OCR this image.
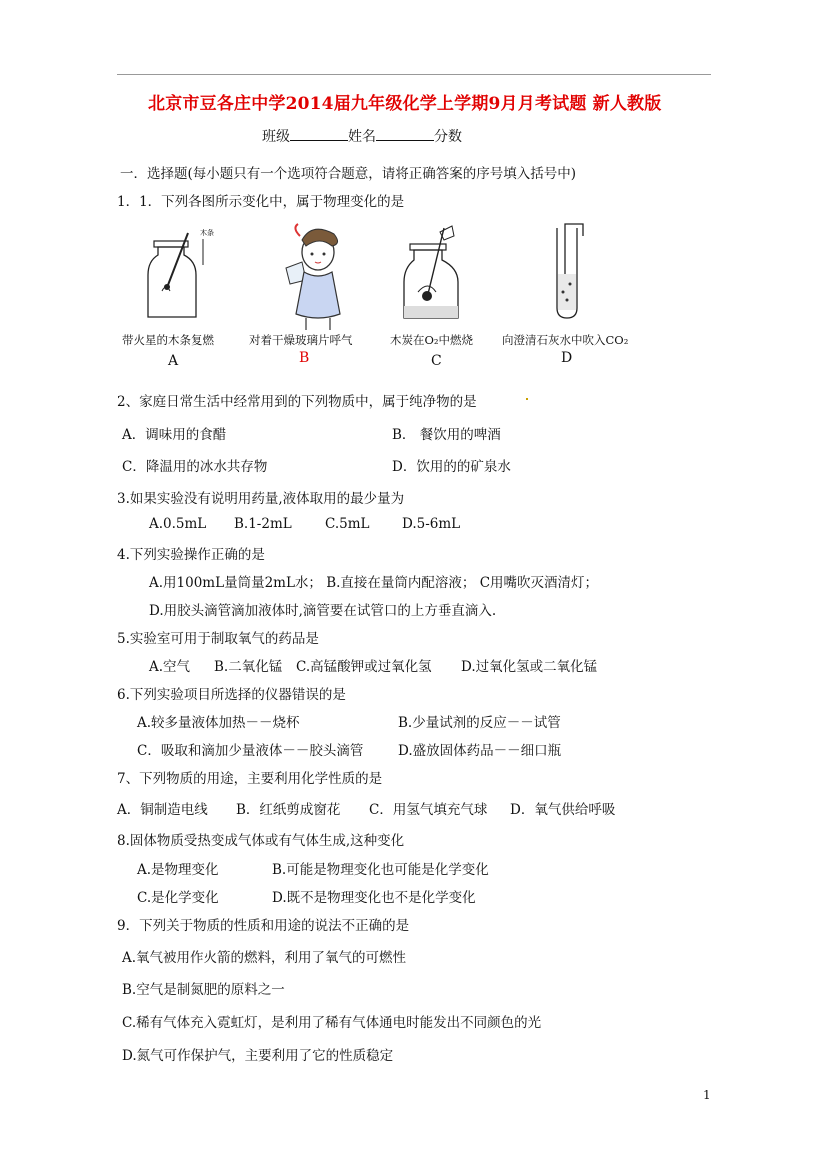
北京市豆各庄中学2014届九年级化学上学期9月月考试题 新人教版
班级	姓名	分数
一．选择题(每小题只有一个选项符合题意，请将正确答案的序号填入括号中)
1．1．下列各图所示变化中，属于物理变化的是
木条
带火星的木条复燃
A
对着干燥玻璃片呼气
B
木炭在O₂中燃烧
C
向澄清石灰水中吹入CO₂
D
2、家庭日常生活中经常用到的下列物质中，属于纯净物的是
A．调味用的食醋	B． 餐饮用的啤酒
C．降温用的冰水共存物	D．饮用的的矿泉水
3.如果实验没有说明用药量,液体取用的最少量为
A.0.5mL B.1-2mL C.5mL D.5-6mL
4.下列实验操作正确的是
A.用100mL量筒量2mL水； B.直接在量筒内配溶液； C用嘴吹灭酒清灯；
D.用胶头滴管滴加液体时,滴管要在试管口的上方垂直滴入.
5.实验室可用于制取氧气的药品是
A.空气 B.二氧化锰 C.高锰酸钾或过氧化氢 D.过氧化氢或二氧化锰
6.下列实验项目所选择的仪器错误的是
A.较多量液体加热－－烧杯	B.少量试剂的反应－－试管
C．吸取和滴加少量液体－－胶头滴管	D.盛放固体药品－－细口瓶
7、下列物质的用途，主要利用化学性质的是
A．铜制造电线 B．红纸剪成窗花 C．用氢气填充气球 D．氧气供给呼吸
8.固体物质受热变成气体或有气体生成,这种变化
A.是物理变化	B.可能是物理变化也可能是化学变化
C.是化学变化	D.既不是物理变化也不是化学变化
9．下列关于物质的性质和用途的说法不正确的是
A.氧气被用作火箭的燃料，利用了氧气的可燃性
B.空气是制氮肥的原料之一
C.稀有气体充入霓虹灯，是利用了稀有气体通电时能发出不同颜色的光
D.氮气可作保护气，主要利用了它的性质稳定
1
